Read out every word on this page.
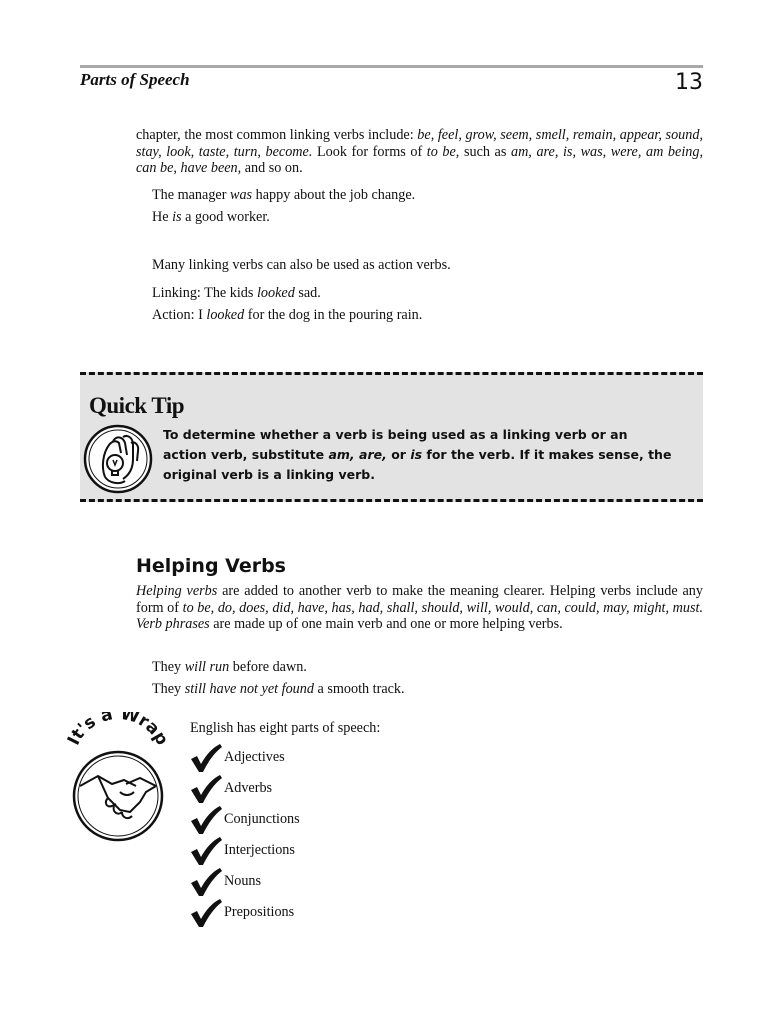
Parts of Speech	13
chapter, the most common linking verbs include: be, feel, grow, seem, smell, remain, appear, sound, stay, look, taste, turn, become. Look for forms of to be, such as am, are, is, was, were, am being, can be, have been, and so on.
The manager was happy about the job change.
He is a good worker.
Many linking verbs can also be used as action verbs.
Linking: The kids looked sad.
Action: I looked for the dog in the pouring rain.
Quick Tip
To determine whether a verb is being used as a linking verb or an action verb, substitute am, are, or is for the verb. If it makes sense, the original verb is a linking verb.
Helping Verbs
Helping verbs are added to another verb to make the meaning clearer. Helping verbs include any form of to be, do, does, did, have, has, had, shall, should, will, would, can, could, may, might, must. Verb phrases are made up of one main verb and one or more helping verbs.
They will run before dawn.
They still have not yet found a smooth track.
It's a Wrap
English has eight parts of speech:
Adjectives
Adverbs
Conjunctions
Interjections
Nouns
Prepositions
